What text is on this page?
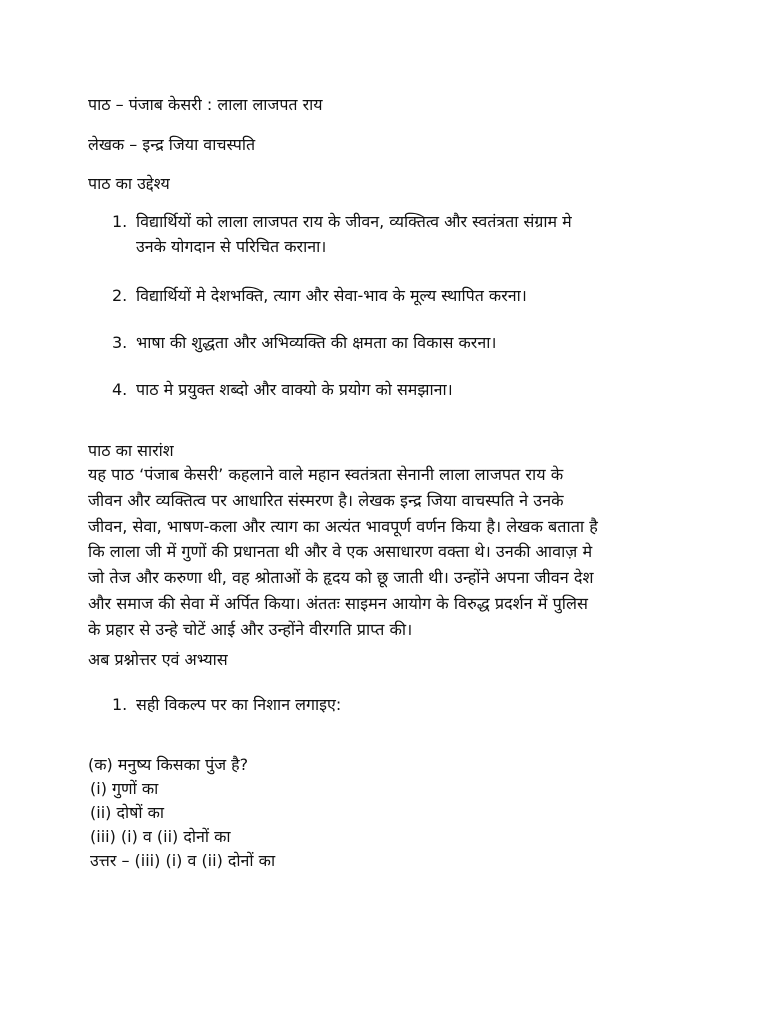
पाठ – पंजाब केसरी : लाला लाजपत राय
लेखक – इन्द्र जिया वाचस्पति
पाठ का उद्देश्य
1. विद्यार्थियों को लाला लाजपत राय के जीवन, व्यक्तित्व और स्वतंत्रता संग्राम मे
उनके योगदान से परिचित कराना।
2. विद्यार्थियों मे देशभक्ति, त्याग और सेवा-भाव के मूल्य स्थापित करना।
3. भाषा की शुद्धता और अभिव्यक्ति की क्षमता का विकास करना।
4. पाठ मे प्रयुक्त शब्दो और वाक्यो के प्रयोग को समझाना।
पाठ का सारांश
यह पाठ ‘पंजाब केसरी’ कहलाने वाले महान स्वतंत्रता सेनानी लाला लाजपत राय के
जीवन और व्यक्तित्व पर आधारित संस्मरण है। लेखक इन्द्र जिया वाचस्पति ने उनके
जीवन, सेवा, भाषण-कला और त्याग का अत्यंत भावपूर्ण वर्णन किया है। लेखक बताता है
कि लाला जी में गुणों की प्रधानता थी और वे एक असाधारण वक्ता थे। उनकी आवाज़ मे
जो तेज और करुणा थी, वह श्रोताओं के हृदय को छू जाती थी। उन्होंने अपना जीवन देश
और समाज की सेवा में अर्पित किया। अंततः साइमन आयोग के विरुद्ध प्रदर्शन में पुलिस
के प्रहार से उन्हे चोटें आई और उन्होंने वीरगति प्राप्त की।
अब प्रश्नोत्तर एवं अभ्यास
1. सही विकल्प पर का निशान लगाइए:
(क) मनुष्य किसका पुंज है?
(i) गुणों का
(ii) दोषों का
(iii) (i) व (ii) दोनों का
उत्तर – (iii) (i) व (ii) दोनों का
